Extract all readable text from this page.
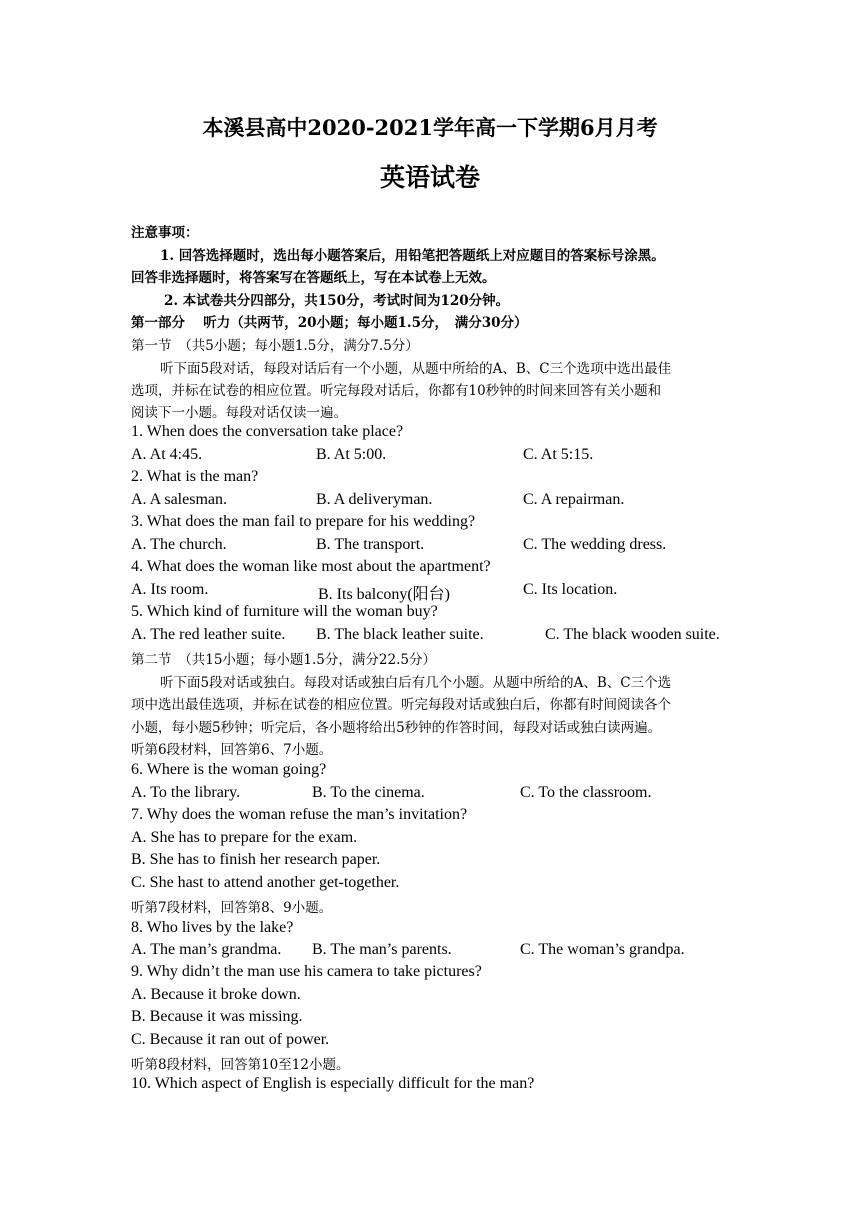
本溪县高中2020-2021学年高一下学期6月月考
英语试卷
注意事项：
1. 回答选择题时，选出每小题答案后，用铅笔把答题纸上对应题目的答案标号涂黑。
回答非选择题时，将答案写在答题纸上，写在本试卷上无效。
2. 本试卷共分四部分，共150分，考试时间为120分钟。
第一部分　 听力（共两节，20小题；每小题1.5分，　满分30分）
第一节　（共5小题；每小题1.5分，满分7.5分）
听下面5段对话，每段对话后有一个小题，从题中所给的A、B、C三个选项中选出最佳
选项，并标在试卷的相应位置。听完每段对话后，你都有10秒钟的时间来回答有关小题和
阅读下一小题。每段对话仅读一遍。
1. When does the conversation take place?
A. At 4:45.	B. At 5:00.	C. At 5:15.
2. What is the man?
A. A salesman.	B. A deliveryman.	C. A repairman.
3. What does the man fail to prepare for his wedding?
A. The church.	B. The transport.	C. The wedding dress.
4. What does the woman like most about the apartment?
A. Its room.	B. Its balcony(阳台)	C. Its location.
5. Which kind of furniture will the woman buy?
A. The red leather suite. B. The black leather suite.	C. The black wooden suite.
第二节　（共15小题；每小题1.5分，满分22.5分）
听下面5段对话或独白。每段对话或独白后有几个小题。从题中所给的A、B、C三个选
项中选出最佳选项，并标在试卷的相应位置。听完每段对话或独白后，你都有时间阅读各个
小题，每小题5秒钟；听完后，各小题将给出5秒钟的作答时间，每段对话或独白读两遍。
听第6段材料，回答第6、7小题。
6. Where is the woman going?
A. To the library.	B. To the cinema.	C. To the classroom.
7. Why does the woman refuse the man’s invitation?
A. She has to prepare for the exam.
B. She has to finish her research paper.
C. She hast to attend another get-together.
听第7段材料，回答第8、9小题。
8. Who lives by the lake?
A. The man’s grandma. B. The man’s parents.	C. The woman’s grandpa.
9. Why didn’t the man use his camera to take pictures?
A. Because it broke down.
B. Because it was missing.
C. Because it ran out of power.
听第8段材料，回答第10至12小题。
10. Which aspect of English is especially difficult for the man?
